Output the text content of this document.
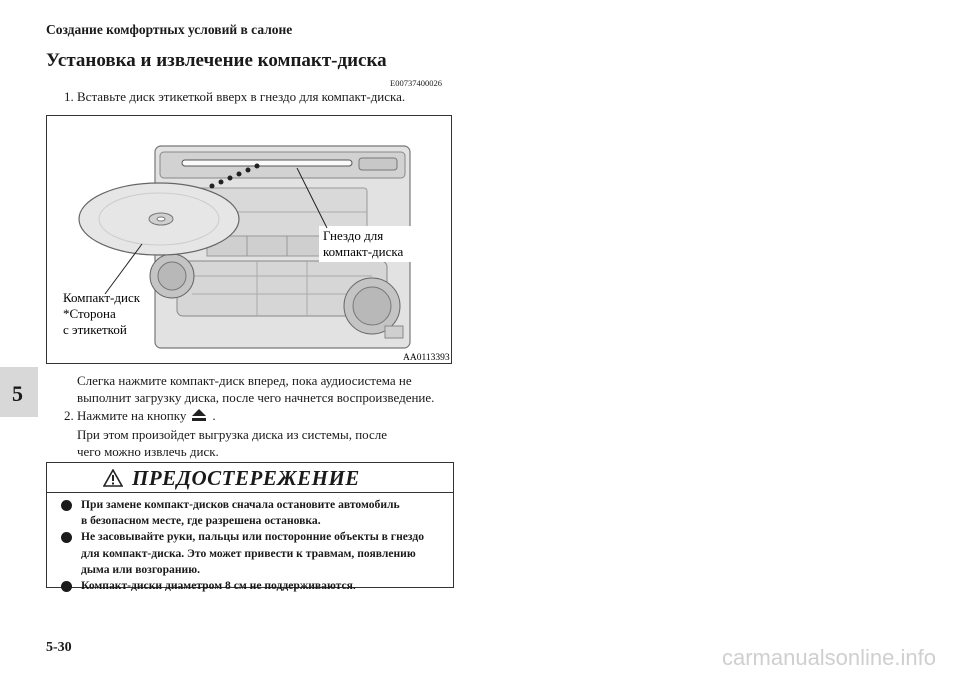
Создание комфортных условий в салоне
Установка и извлечение компакт-диска
E00737400026
1. Вставьте диск этикеткой вверх в гнездо для компакт-диска.
Гнездо для
компакт-диска
Компакт-диск
*Сторона
с этикеткой
AA0113393
Слегка нажмите компакт-диск вперед, пока аудиосистема не
выполнит загрузку диска, после чего начнется воспроизведение.
2. Нажмите на кнопку .
При этом произойдет выгрузка диска из системы, после
чего можно извлечь диск.
5
ПРЕДОСТЕРЕЖЕНИЕ
При замене компакт-дисков сначала остановите автомобиль
в безопасном месте, где разрешена остановка.
Не засовывайте руки, пальцы или посторонние объекты в гнездо
для компакт-диска. Это может привести к травмам, появлению
дыма или возгоранию.
Компакт-диски диаметром 8 см не поддерживаются.
5-30	carmanualsonline.info
